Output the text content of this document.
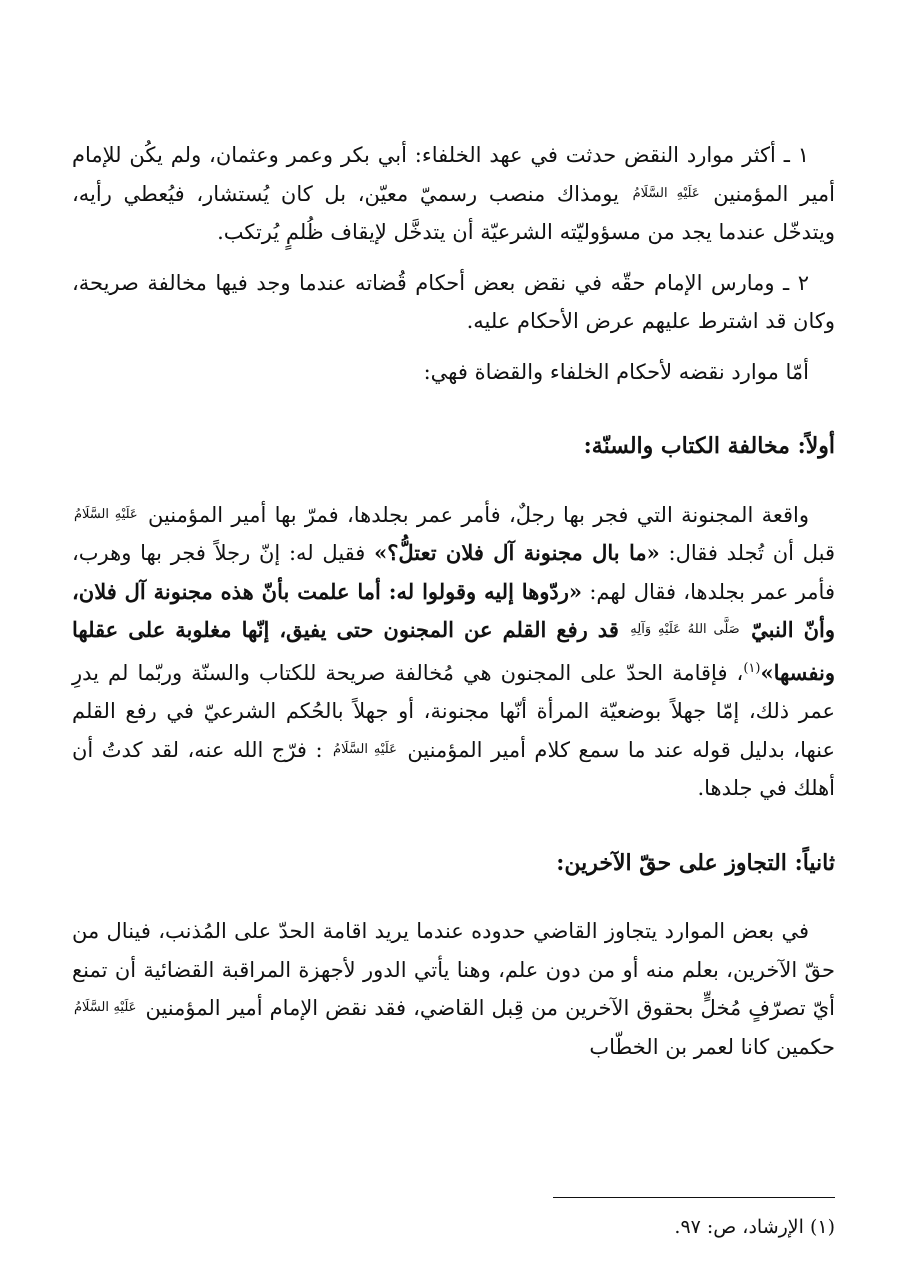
١ ـ أكثر موارد النقض حدثت في عهد الخلفاء: أبي بكر وعمر وعثمان، ولم يكُن للإمام أمير المؤمنين عَلَيْهِ السَّلَامُ يومذاك منصب رسميّ معيّن، بل كان يُستشار، فيُعطي رأيه، ويتدخّل عندما يجد من مسؤوليّته الشرعيّة أن يتدخَّل لإيقاف ظُلمٍ يُرتكب.

٢ ـ ومارس الإمام حقّه في نقض بعض أحكام قُضاته عندما وجد فيها مخالفة صريحة، وكان قد اشترط عليهم عرض الأحكام عليه.

أمّا موارد نقضه لأحكام الخلفاء والقضاة فهي:

أولاً: مخالفة الكتاب والسنّة:

واقعة المجنونة التي فجر بها رجلٌ، فأمر عمر بجلدها، فمرّ بها أمير المؤمنين عَلَيْهِ السَّلَامُ قبل أن تُجلد فقال: «ما بال مجنونة آل فلان تعتلُّ؟» فقيل له: إنّ رجلاً فجر بها وهرب، فأمر عمر بجلدها، فقال لهم: «ردّوها إليه وقولوا له: أما علمت بأنّ هذه مجنونة آل فلان، وأنّ النبيّ صَلَّى اللهُ عَلَيْهِ وَآلِهِ قد رفع القلم عن المجنون حتى يفيق، إنّها مغلوبة على عقلها ونفسها»$^{(١)}$، فإقامة الحدّ على المجنون هي مُخالفة صريحة للكتاب والسنّة وربّما لم يدرِ عمر ذلك، إمّا جهلاً بوضعيّة المرأة أنّها مجنونة، أو جهلاً بالحُكم الشرعيّ في رفع القلم عنها، بدليل قوله عند ما سمع كلام أمير المؤمنين عَلَيْهِ السَّلَامُ : فرّج الله عنه، لقد كدتُ أن أهلك في جلدها.

ثانياً: التجاوز على حقّ الآخرين:

في بعض الموارد يتجاوز القاضي حدوده عندما يريد اقامة الحدّ على المُذنب، فينال من حقّ الآخرين، بعلم منه أو من دون علم، وهنا يأتي الدور لأجهزة المراقبة القضائية أن تمنع أيّ تصرّفٍ مُخلٍّ بحقوق الآخرين من قِبل القاضي، فقد نقض الإمام أمير المؤمنين عَلَيْهِ السَّلَامُ حكمين كانا لعمر بن الخطّاب

(١) الإرشاد، ص: ٩٧.
